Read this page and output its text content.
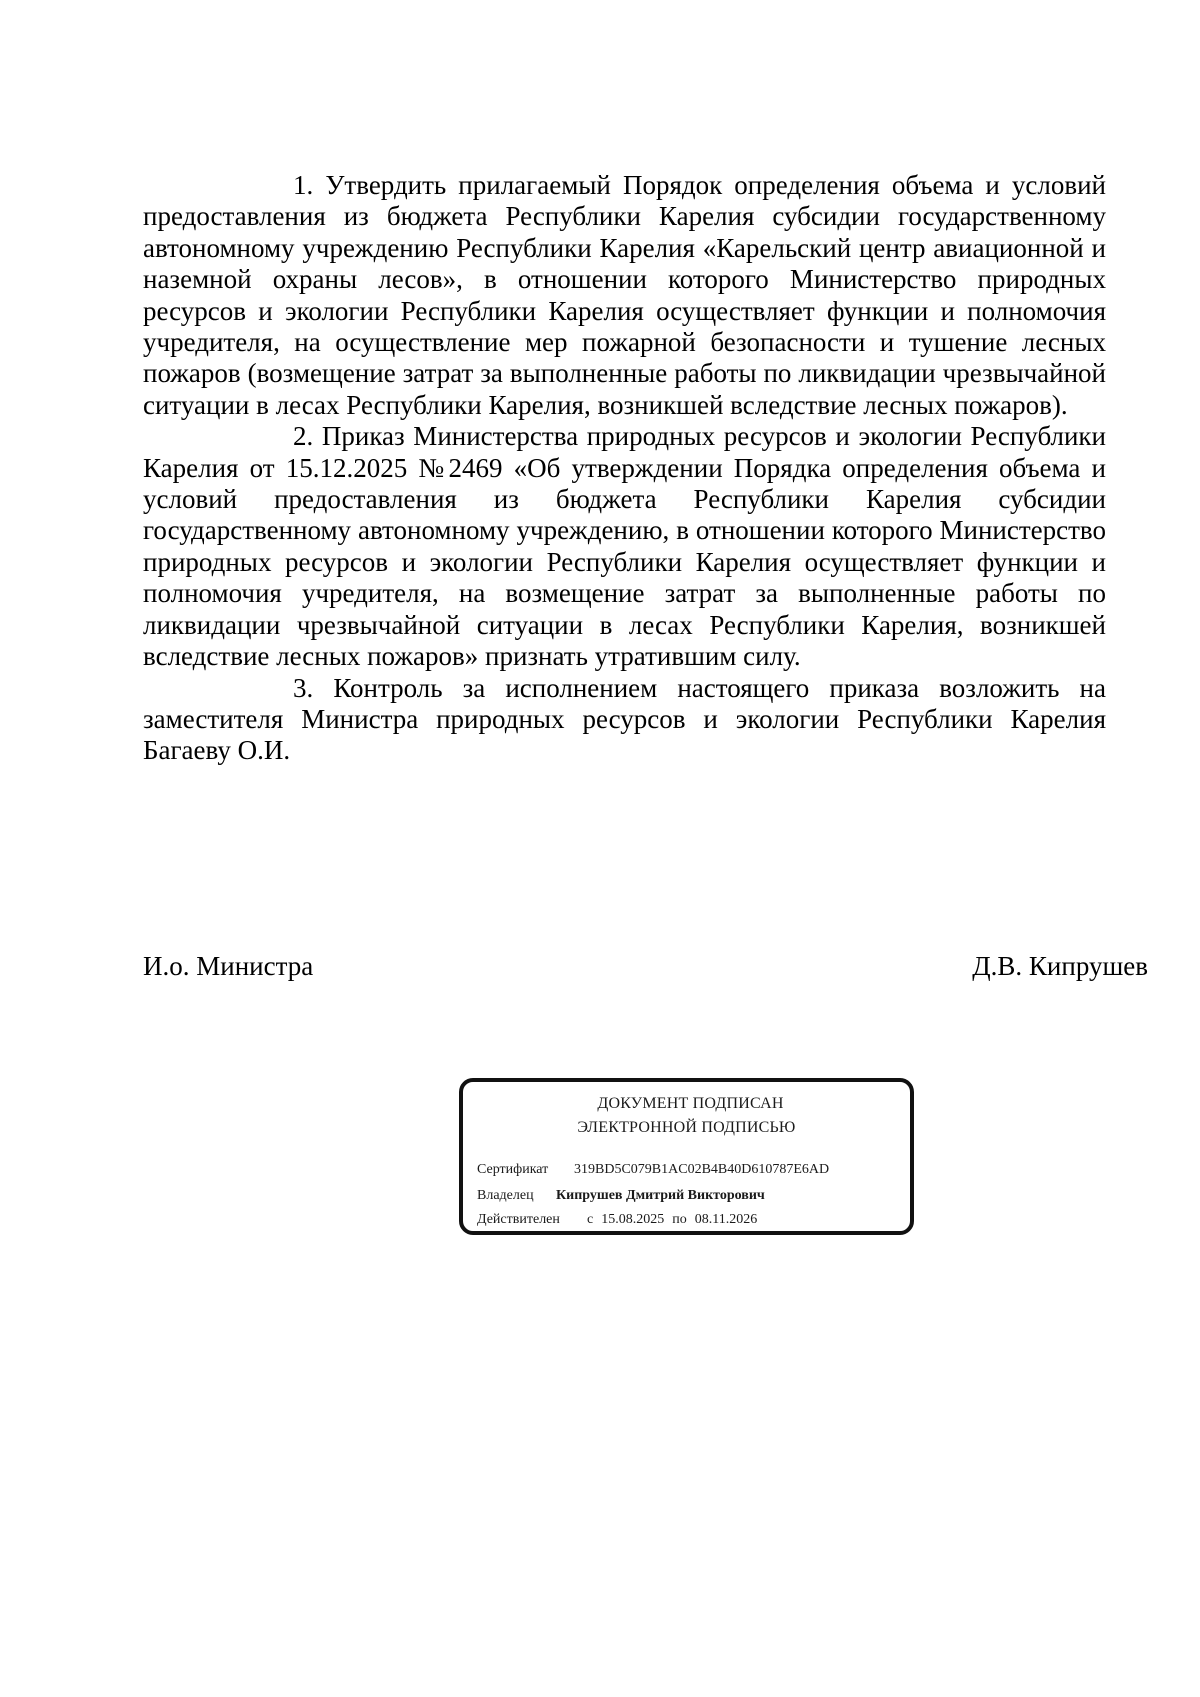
1. Утвердить прилагаемый Порядок определения объема и условий предоставления из бюджета Республики Карелия субсидии государственному автономному учреждению Республики Карелия «Карельский центр авиационной и наземной охраны лесов», в отношении которого Министерство природных ресурсов и экологии Республики Карелия осуществляет функции и полномочия учредителя, на осуществление мер пожарной безопасности и тушение лесных пожаров (возмещение затрат за выполненные работы по ликвидации чрезвычайной ситуации в лесах Республики Карелия, возникшей вследствие лесных пожаров).

2. Приказ Министерства природных ресурсов и экологии Республики Карелия от 15.12.2025 №2469 «Об утверждении Порядка определения объема и условий предоставления из бюджета Республики Карелия субсидии государственному автономному учреждению, в отношении которого Министерство природных ресурсов и экологии Республики Карелия осуществляет функции и полномочия учредителя, на возмещение затрат за выполненные работы по ликвидации чрезвычайной ситуации в лесах Республики Карелия, возникшей вследствие лесных пожаров» признать утратившим силу.

3. Контроль за исполнением настоящего приказа возложить на заместителя Министра природных ресурсов и экологии Республики Карелия Багаеву О.И.

И.о. Министра	Д.В. Кипрушев
ДОКУМЕНТ ПОДПИСАН
ЭЛЕКТРОННОЙ ПОДПИСЬЮ
Сертификат 319BD5C079B1AC02B4B40D610787E6AD
Владелец Кипрушев Дмитрий Викторович
Действителен с 15.08.2025 по 08.11.2026
